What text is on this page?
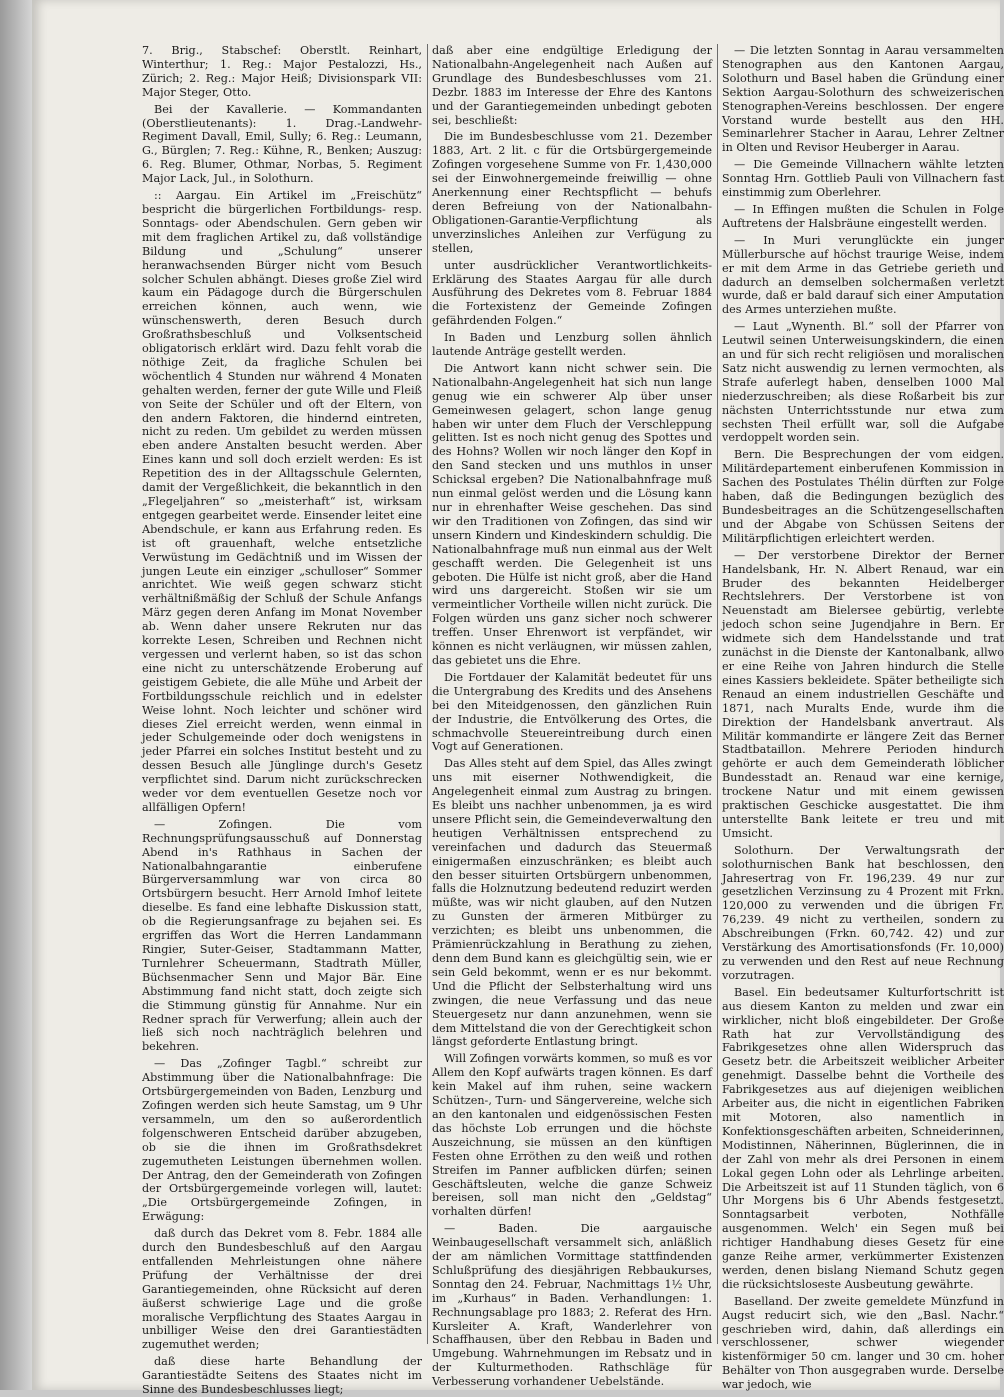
7. Brig., Stabschef: Oberstlt. Reinhart, Winterthur; 1. Reg.: Major Pestalozzi, Hs., Zürich; 2. Reg.: Major Heiß; Divisionspark VII: Major Steger, Otto.

Bei der Kavallerie. — Kommandanten (Oberstlieutenants): 1. Drag.-Landwehr-Regiment Davall, Emil, Sully; 6. Reg.: Leumann, G., Bürglen; 7. Reg.: Kühne, R., Benken; Auszug: 6. Reg. Blumer, Othmar, Norbas, 5. Regiment Major Lack, Jul., in Solothurn.

:: Aargau. Ein Artikel im „Freischütz“ bespricht die bürgerlichen Fortbildungs- resp. Sonntags- oder Abendschulen. Gern geben wir mit dem fraglichen Artikel zu, daß vollständige Bildung und „Schulung“ unserer heranwachsenden Bürger nicht vom Besuch solcher Schulen abhängt. Dieses große Ziel wird kaum ein Pädagoge durch die Bürgerschulen erreichen können, auch wenn, wie wünschenswerth, deren Besuch durch Großrathsbeschluß und Volksentscheid obligatorisch erklärt wird. Dazu fehlt vorab die nöthige Zeit, da fragliche Schulen bei wöchentlich 4 Stunden nur während 4 Monaten gehalten werden, ferner der gute Wille und Fleiß von Seite der Schüler und oft der Eltern, von den andern Faktoren, die hindernd eintreten, nicht zu reden. Um gebildet zu werden müssen eben andere Anstalten besucht werden. Aber Eines kann und soll doch erzielt werden: Es ist Repetition des in der Alltagsschule Gelernten, damit der Vergeßlichkeit, die bekanntlich in den „Flegeljahren“ so „meisterhaft“ ist, wirksam entgegen gearbeitet werde. Einsender leitet eine Abendschule, er kann aus Erfahrung reden. Es ist oft grauenhaft, welche entsetzliche Verwüstung im Gedächtniß und im Wissen der jungen Leute ein einziger „schulloser“ Sommer anrichtet. Wie weiß gegen schwarz sticht verhältnißmäßig der Schluß der Schule Anfangs März gegen deren Anfang im Monat November ab. Wenn daher unsere Rekruten nur das korrekte Lesen, Schreiben und Rechnen nicht vergessen und verlernt haben, so ist das schon eine nicht zu unterschätzende Eroberung auf geistigem Gebiete, die alle Mühe und Arbeit der Fortbildungsschule reichlich und in edelster Weise lohnt. Noch leichter und schöner wird dieses Ziel erreicht werden, wenn einmal in jeder Schulgemeinde oder doch wenigstens in jeder Pfarrei ein solches Institut besteht und zu dessen Besuch alle Jünglinge durch's Gesetz verpflichtet sind. Darum nicht zurückschrecken weder vor dem eventuellen Gesetze noch vor allfälligen Opfern!

— Zofingen. Die vom Rechnungsprüfungsausschuß auf Donnerstag Abend in's Rathhaus in Sachen der Nationalbahngarantie einberufene Bürgerversammlung war von circa 80 Ortsbürgern besucht. Herr Arnold Imhof leitete dieselbe. Es fand eine lebhafte Diskussion statt, ob die Regierungsanfrage zu bejahen sei. Es ergriffen das Wort die Herren Landammann Ringier, Suter-Geiser, Stadtammann Matter, Turnlehrer Scheuermann, Stadtrath Müller, Büchsenmacher Senn und Major Bär. Eine Abstimmung fand nicht statt, doch zeigte sich die Stimmung günstig für Annahme. Nur ein Redner sprach für Verwerfung; allein auch der ließ sich noch nachträglich belehren und bekehren.

— Das „Zofinger Tagbl.“ schreibt zur Abstimmung über die Nationalbahnfrage: Die Ortsbürgergemeinden von Baden, Lenzburg und Zofingen werden sich heute Samstag, um 9 Uhr versammeln, um den so außerordentlich folgenschweren Entscheid darüber abzugeben, ob sie die ihnen im Großrathsdekret zugemutheten Leistungen übernehmen wollen. Der Antrag, den der Gemeinderath von Zofingen der Ortsbürgergemeinde vorlegen will, lautet: „Die Ortsbürgergemeinde Zofingen, in Erwägung:

daß durch das Dekret vom 8. Febr. 1884 alle durch den Bundesbeschluß auf den Aargau entfallenden Mehrleistungen ohne nähere Prüfung der Verhältnisse der drei Garantiegemeinden, ohne Rücksicht auf deren äußerst schwierige Lage und die große moralische Verpflichtung des Staates Aargau in unbilliger Weise den drei Garantiestädten zugemuthet werden;

daß diese harte Behandlung der Garantiestädte Seitens des Staates nicht im Sinne des Bundesbeschlusses liegt;

daß aber eine endgültige Erledigung der Nationalbahn-Angelegenheit nach Außen auf Grundlage des Bundesbeschlusses vom 21. Dezbr. 1883 im Interesse der Ehre des Kantons und der Garantiegemeinden unbedingt geboten sei, beschließt:

Die im Bundesbeschlusse vom 21. Dezember 1883, Art. 2 lit. c für die Ortsbürgergemeinde Zofingen vorgesehene Summe von Fr. 1,430,000 sei der Einwohnergemeinde freiwillig — ohne Anerkennung einer Rechtspflicht — behufs deren Befreiung von der Nationalbahn-Obligationen-Garantie-Verpflichtung als unverzinsliches Anleihen zur Verfügung zu stellen,

unter ausdrücklicher Verantwortlichkeits-Erklärung des Staates Aargau für alle durch Ausführung des Dekretes vom 8. Februar 1884 die Fortexistenz der Gemeinde Zofingen gefährdenden Folgen.“

In Baden und Lenzburg sollen ähnlich lautende Anträge gestellt werden.

Die Antwort kann nicht schwer sein. Die Nationalbahn-Angelegenheit hat sich nun lange genug wie ein schwerer Alp über unser Gemeinwesen gelagert, schon lange genug haben wir unter dem Fluch der Verschleppung gelitten. Ist es noch nicht genug des Spottes und des Hohns? Wollen wir noch länger den Kopf in den Sand stecken und uns muthlos in unser Schicksal ergeben? Die Nationalbahnfrage muß nun einmal gelöst werden und die Lösung kann nur in ehrenhafter Weise geschehen. Das sind wir den Traditionen von Zofingen, das sind wir unsern Kindern und Kindeskindern schuldig. Die Nationalbahnfrage muß nun einmal aus der Welt geschafft werden. Die Gelegenheit ist uns geboten. Die Hülfe ist nicht groß, aber die Hand wird uns dargereicht. Stoßen wir sie um vermeintlicher Vortheile willen nicht zurück. Die Folgen würden uns ganz sicher noch schwerer treffen. Unser Ehrenwort ist verpfändet, wir können es nicht verläugnen, wir müssen zahlen, das gebietet uns die Ehre.

Die Fortdauer der Kalamität bedeutet für uns die Untergrabung des Kredits und des Ansehens bei den Miteidgenossen, den gänzlichen Ruin der Industrie, die Entvölkerung des Ortes, die schmachvolle Steuereintreibung durch einen Vogt auf Generationen.

Das Alles steht auf dem Spiel, das Alles zwingt uns mit eiserner Nothwendigkeit, die Angelegenheit einmal zum Austrag zu bringen. Es bleibt uns nachher unbenommen, ja es wird unsere Pflicht sein, die Gemeindeverwaltung den heutigen Verhältnissen entsprechend zu vereinfachen und dadurch das Steuermaß einigermaßen einzuschränken; es bleibt auch den besser situirten Ortsbürgern unbenommen, falls die Holznutzung bedeutend reduzirt werden müßte, was wir nicht glauben, auf den Nutzen zu Gunsten der ärmeren Mitbürger zu verzichten; es bleibt uns unbenommen, die Prämienrückzahlung in Berathung zu ziehen, denn dem Bund kann es gleichgültig sein, wie er sein Geld bekommt, wenn er es nur bekommt. Und die Pflicht der Selbsterhaltung wird uns zwingen, die neue Verfassung und das neue Steuergesetz nur dann anzunehmen, wenn sie dem Mittelstand die von der Gerechtigkeit schon längst geforderte Entlastung bringt.

Will Zofingen vorwärts kommen, so muß es vor Allem den Kopf aufwärts tragen können. Es darf kein Makel auf ihm ruhen, seine wackern Schützen-, Turn- und Sängervereine, welche sich an den kantonalen und eidgenössischen Festen das höchste Lob errungen und die höchste Auszeichnung, sie müssen an den künftigen Festen ohne Erröthen zu den weiß und rothen Streifen im Panner aufblicken dürfen; seinen Geschäftsleuten, welche die ganze Schweiz bereisen, soll man nicht den „Geldstag“ vorhalten dürfen!

— Baden. Die aargauische Weinbaugesellschaft versammelt sich, anläßlich der am nämlichen Vormittage stattfindenden Schlußprüfung des diesjährigen Rebbaukurses, Sonntag den 24. Februar, Nachmittags 1½ Uhr, im „Kurhaus“ in Baden. Verhandlungen: 1. Rechnungsablage pro 1883; 2. Referat des Hrn. Kursleiter A. Kraft, Wanderlehrer von Schaffhausen, über den Rebbau in Baden und Umgebung. Wahrnehmungen im Rebsatz und in der Kulturmethoden. Rathschläge für Verbesserung vorhandener Uebelstände.

— Die letzten Sonntag in Aarau versammelten Stenographen aus den Kantonen Aargau, Solothurn und Basel haben die Gründung einer Sektion Aargau-Solothurn des schweizerischen Stenographen-Vereins beschlossen. Der engere Vorstand wurde bestellt aus den HH. Seminarlehrer Stacher in Aarau, Lehrer Zeltner in Olten und Revisor Heuberger in Aarau.

— Die Gemeinde Villnachern wählte letzten Sonntag Hrn. Gottlieb Pauli von Villnachern fast einstimmig zum Oberlehrer.

— In Effingen mußten die Schulen in Folge Auftretens der Halsbräune eingestellt werden.

— In Muri verunglückte ein junger Müllerbursche auf höchst traurige Weise, indem er mit dem Arme in das Getriebe gerieth und dadurch an demselben solchermaßen verletzt wurde, daß er bald darauf sich einer Amputation des Armes unterziehen mußte.

— Laut „Wynenth. Bl.“ soll der Pfarrer von Leutwil seinen Unterweisungskindern, die einen an und für sich recht religiösen und moralischen Satz nicht auswendig zu lernen vermochten, als Strafe auferlegt haben, denselben 1000 Mal niederzuschreiben; als diese Roßarbeit bis zur nächsten Unterrichtsstunde nur etwa zum sechsten Theil erfüllt war, soll die Aufgabe verdoppelt worden sein.

Bern. Die Besprechungen der vom eidgen. Militärdepartement einberufenen Kommission in Sachen des Postulates Thélin dürften zur Folge haben, daß die Bedingungen bezüglich des Bundesbeitrages an die Schützengesellschaften und der Abgabe von Schüssen Seitens der Militärpflichtigen erleichtert werden.

— Der verstorbene Direktor der Berner Handelsbank, Hr. N. Albert Renaud, war ein Bruder des bekannten Heidelberger Rechtslehrers. Der Verstorbene ist von Neuenstadt am Bielersee gebürtig, verlebte jedoch schon seine Jugendjahre in Bern. Er widmete sich dem Handelsstande und trat zunächst in die Dienste der Kantonalbank, allwo er eine Reihe von Jahren hindurch die Stelle eines Kassiers bekleidete. Später betheiligte sich Renaud an einem industriellen Geschäfte und 1871, nach Muralts Ende, wurde ihm die Direktion der Handelsbank anvertraut. Als Militär kommandirte er längere Zeit das Berner Stadtbataillon. Mehrere Perioden hindurch gehörte er auch dem Gemeinderath löblicher Bundesstadt an. Renaud war eine kernige, trockene Natur und mit einem gewissen praktischen Geschicke ausgestattet. Die ihm unterstellte Bank leitete er treu und mit Umsicht.

Solothurn. Der Verwaltungsrath der solothurnischen Bank hat beschlossen, den Jahresertrag von Fr. 196,239. 49 nur zur gesetzlichen Verzinsung zu 4 Prozent mit Frkn. 120,000 zu verwenden und die übrigen Fr. 76,239. 49 nicht zu vertheilen, sondern zu Abschreibungen (Frkn. 60,742. 42) und zur Verstärkung des Amortisationsfonds (Fr. 10,000) zu verwenden und den Rest auf neue Rechnung vorzutragen.

Basel. Ein bedeutsamer Kulturfortschritt ist aus diesem Kanton zu melden und zwar ein wirklicher, nicht bloß eingebildeter. Der Große Rath hat zur Vervollständigung des Fabrikgesetzes ohne allen Widerspruch das Gesetz betr. die Arbeitszeit weiblicher Arbeiter genehmigt. Dasselbe behnt die Vortheile des Fabrikgesetzes aus auf diejenigen weiblichen Arbeiter aus, die nicht in eigentlichen Fabriken mit Motoren, also namentlich in Konfektionsgeschäften arbeiten, Schneiderinnen, Modistinnen, Näherinnen, Büglerinnen, die in der Zahl von mehr als drei Personen in einem Lokal gegen Lohn oder als Lehrlinge arbeiten. Die Arbeitszeit ist auf 11 Stunden täglich, von 6 Uhr Morgens bis 6 Uhr Abends festgesetzt. Sonntagsarbeit verboten, Nothfälle ausgenommen. Welch' ein Segen muß bei richtiger Handhabung dieses Gesetz für eine ganze Reihe armer, verkümmerter Existenzen werden, denen bislang Niemand Schutz gegen die rücksichtsloseste Ausbeutung gewährte.

Baselland. Der zweite gemeldete Münzfund in Augst reducirt sich, wie den „Basl. Nachr.“ geschrieben wird, dahin, daß allerdings ein verschlossener, schwer wiegender kistenförmiger 50 cm. langer und 30 cm. hoher Behälter von Thon ausgegraben wurde. Derselbe war jedoch, wie
